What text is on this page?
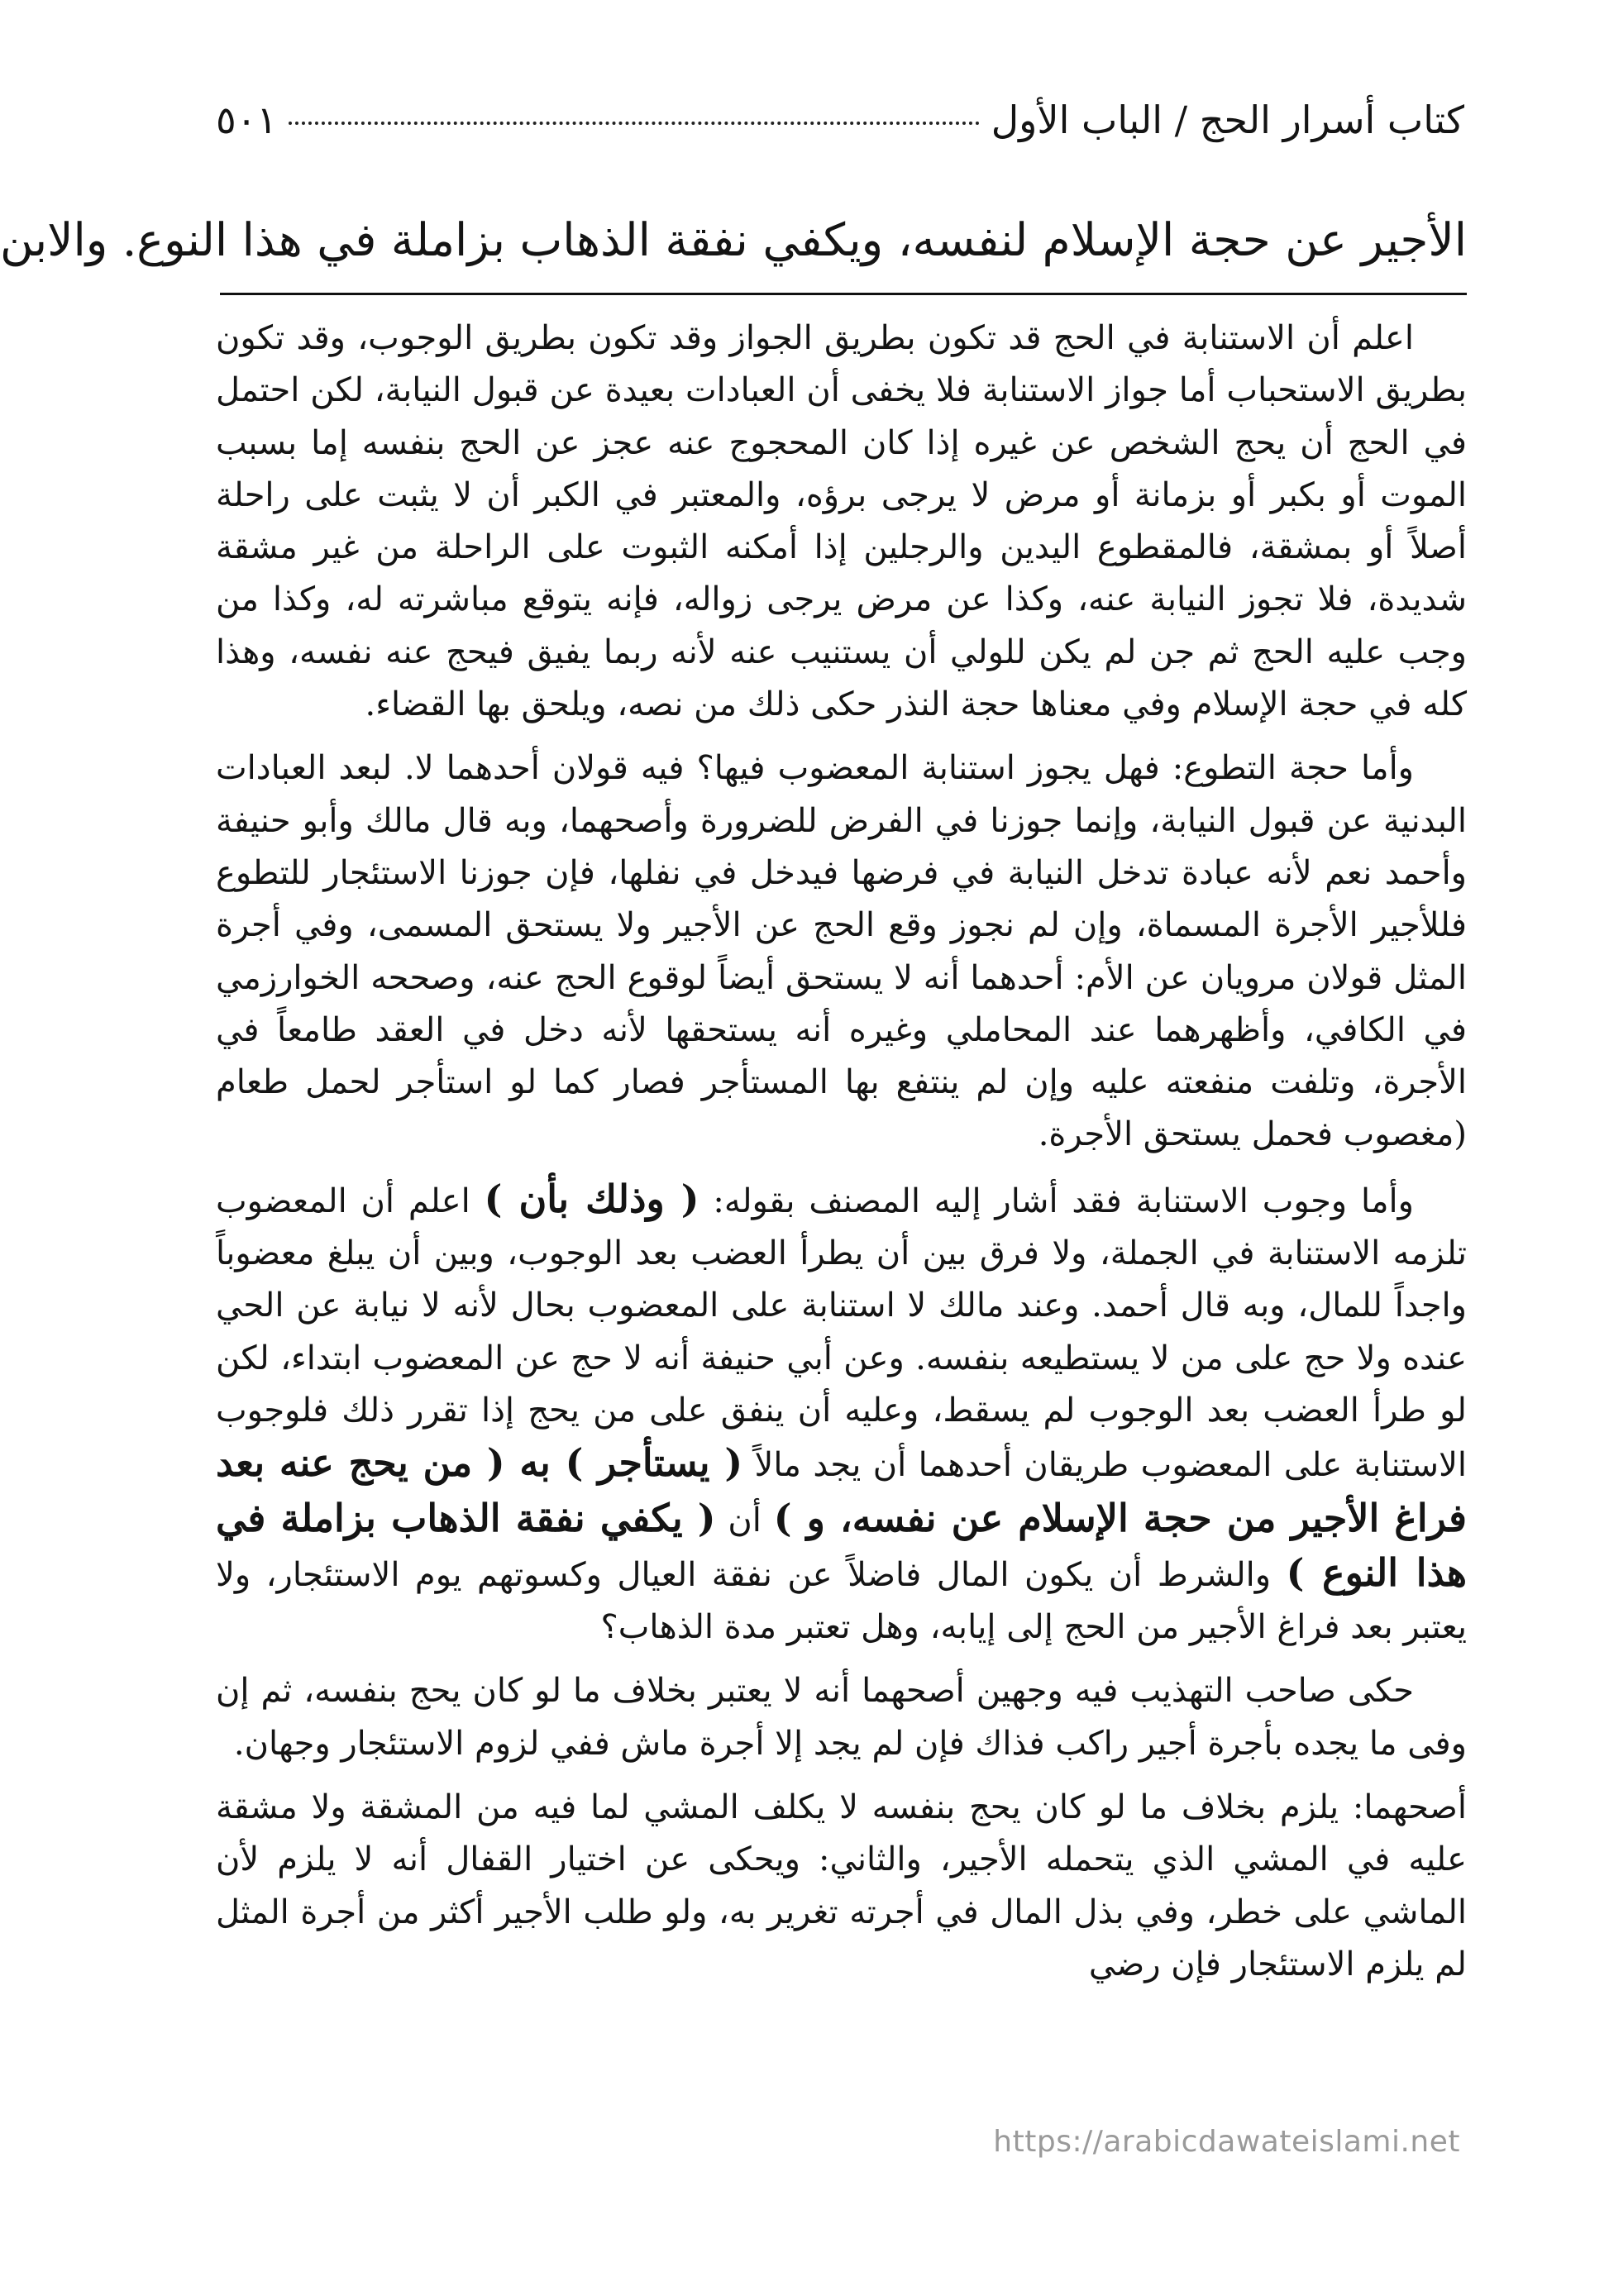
كتاب أسرار الحج / الباب الأول
٥٠١
الأجير عن حجة الإسلام لنفسه، ويكفي نفقة الذهاب بزاملة في هذا النوع. والابن

اعلم أن الاستنابة في الحج قد تكون بطريق الجواز وقد تكون بطريق الوجوب، وقد تكون بطريق الاستحباب أما جواز الاستنابة فلا يخفى أن العبادات بعيدة عن قبول النيابة، لكن احتمل في الحج أن يحج الشخص عن غيره إذا كان المحجوج عنه عجز عن الحج بنفسه إما بسبب الموت أو بكبر أو بزمانة أو مرض لا يرجى برؤه، والمعتبر في الكبر أن لا يثبت على راحلة أصلاً أو بمشقة، فالمقطوع اليدين والرجلين إذا أمكنه الثبوت على الراحلة من غير مشقة شديدة، فلا تجوز النيابة عنه، وكذا عن مرض يرجى زواله، فإنه يتوقع مباشرته له، وكذا من وجب عليه الحج ثم جن لم يكن للولي أن يستنيب عنه لأنه ربما يفيق فيحج عنه نفسه، وهذا كله في حجة الإسلام وفي معناها حجة النذر حكى ذلك من نصه، ويلحق بها القضاء.

وأما حجة التطوع: فهل يجوز استنابة المعضوب فيها؟ فيه قولان أحدهما لا. لبعد العبادات البدنية عن قبول النيابة، وإنما جوزنا في الفرض للضرورة وأصحهما، وبه قال مالك وأبو حنيفة وأحمد نعم لأنه عبادة تدخل النيابة في فرضها فيدخل في نفلها، فإن جوزنا الاستئجار للتطوع فللأجير الأجرة المسماة، وإن لم نجوز وقع الحج عن الأجير ولا يستحق المسمى، وفي أجرة المثل قولان مرويان عن الأم: أحدهما أنه لا يستحق أيضاً لوقوع الحج عنه، وصححه الخوارزمي في الكافي، وأظهرهما عند المحاملي وغيره أنه يستحقها لأنه دخل في العقد طامعاً في الأجرة، وتلفت منفعته عليه وإن لم ينتفع بها المستأجر فصار كما لو استأجر لحمل طعام (مغصوب فحمل يستحق الأجرة.

وأما وجوب الاستنابة فقد أشار إليه المصنف بقوله: ( وذلك بأن ) اعلم أن المعضوب تلزمه الاستنابة في الجملة، ولا فرق بين أن يطرأ العضب بعد الوجوب، وبين أن يبلغ معضوباً واجداً للمال، وبه قال أحمد. وعند مالك لا استنابة على المعضوب بحال لأنه لا نيابة عن الحي عنده ولا حج على من لا يستطيعه بنفسه. وعن أبي حنيفة أنه لا حج عن المعضوب ابتداء، لكن لو طرأ العضب بعد الوجوب لم يسقط، وعليه أن ينفق على من يحج إذا تقرر ذلك فلوجوب الاستنابة على المعضوب طريقان أحدهما أن يجد مالاً ( يستأجر ) به ( من يحج عنه بعد فراغ الأجير من حجة الإسلام عن نفسه، و ) أن ( يكفي نفقة الذهاب بزاملة في هذا النوع ) والشرط أن يكون المال فاضلاً عن نفقة العيال وكسوتهم يوم الاستئجار، ولا يعتبر بعد فراغ الأجير من الحج إلى إيابه، وهل تعتبر مدة الذهاب؟

حكى صاحب التهذيب فيه وجهين أصحهما أنه لا يعتبر بخلاف ما لو كان يحج بنفسه، ثم إن وفى ما يجده بأجرة أجير راكب فذاك فإن لم يجد إلا أجرة ماش ففي لزوم الاستئجار وجهان.

أصحهما: يلزم بخلاف ما لو كان يحج بنفسه لا يكلف المشي لما فيه من المشقة ولا مشقة عليه في المشي الذي يتحمله الأجير، والثاني: ويحكى عن اختيار القفال أنه لا يلزم لأن الماشي على خطر، وفي بذل المال في أجرته تغرير به، ولو طلب الأجير أكثر من أجرة المثل لم يلزم الاستئجار فإن رضي

https://arabicdawateislami.net
